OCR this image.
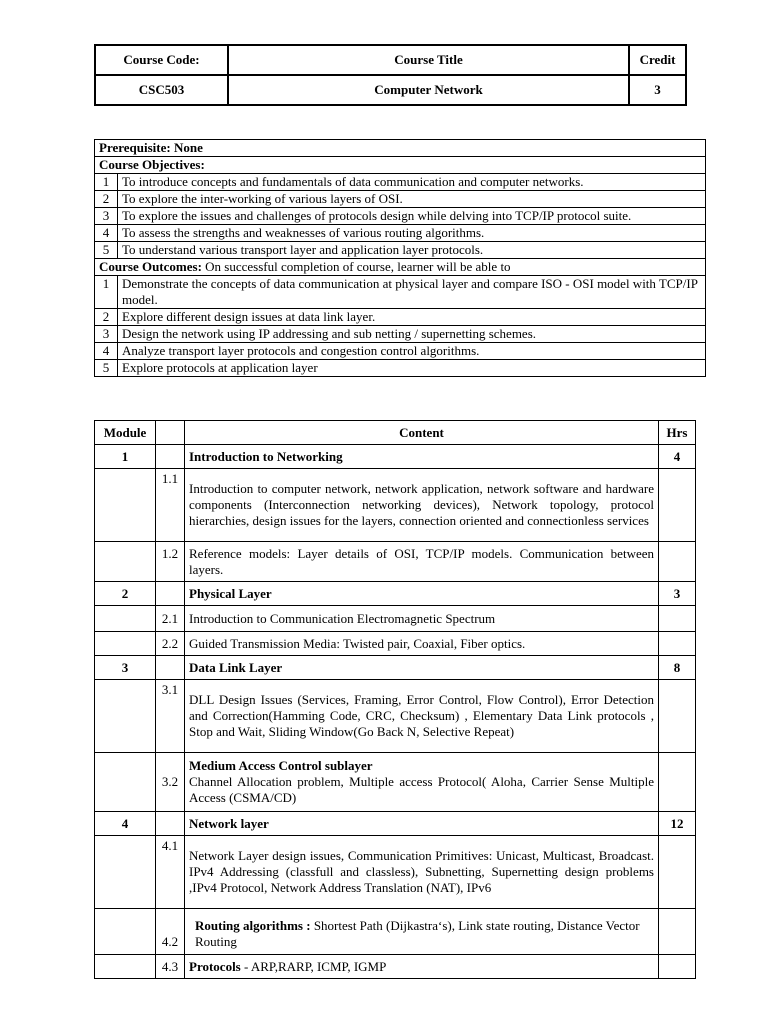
Course Code:	Course Title	Credit
CSC503	Computer Network	3
Prerequisite: None	
Course Objectives:	
1	To introduce concepts and fundamentals of data communication and computer networks.
2	To explore the inter-working of various layers of OSI.
3	To explore the issues and challenges of protocols design while delving into TCP/IP protocol suite.
4	To assess the strengths and weaknesses of various routing algorithms.
5	To understand various transport layer and application layer protocols.
Course Outcomes: On successful completion of course, learner will be able to	
1	Demonstrate the concepts of data communication at physical layer and compare ISO - OSI model with TCP/IP model.
2	Explore different design issues at data link layer.
3	Design the network using IP addressing and sub netting / supernetting schemes.
4	Analyze transport layer protocols and congestion control algorithms.
5	Explore protocols at application layer
Module		Content	Hrs
1		Introduction to Networking	4
	1.1	Introduction to computer network, network application, network software and hardware components (Interconnection networking devices), Network topology, protocol hierarchies, design issues for the layers, connection oriented and connectionless services	
	1.2	Reference models: Layer details of OSI, TCP/IP models. Communication between layers.	
2		Physical Layer	3
	2.1	Introduction to Communication Electromagnetic Spectrum	
	2.2	Guided Transmission Media: Twisted pair, Coaxial, Fiber optics.	
3		Data Link Layer	8
	3.1	DLL Design Issues (Services, Framing, Error Control, Flow Control), Error Detection and Correction(Hamming Code, CRC, Checksum) , Elementary Data Link protocols , Stop and Wait, Sliding Window(Go Back N, Selective Repeat)	
	3.2	Medium Access Control sublayer
Channel Allocation problem, Multiple access Protocol( Aloha, Carrier Sense Multiple Access (CSMA/CD)	

4		Network layer	12
	4.1	Network Layer design issues, Communication Primitives: Unicast, Multicast, Broadcast. IPv4 Addressing (classfull and classless), Subnetting, Supernetting design problems ,IPv4 Protocol, Network Address Translation (NAT), IPv6	
	4.2	Routing algorithms : Shortest Path (Dijkastra‘s), Link state routing, Distance Vector Routing	
	4.3	Protocols - ARP,RARP, ICMP, IGMP	
